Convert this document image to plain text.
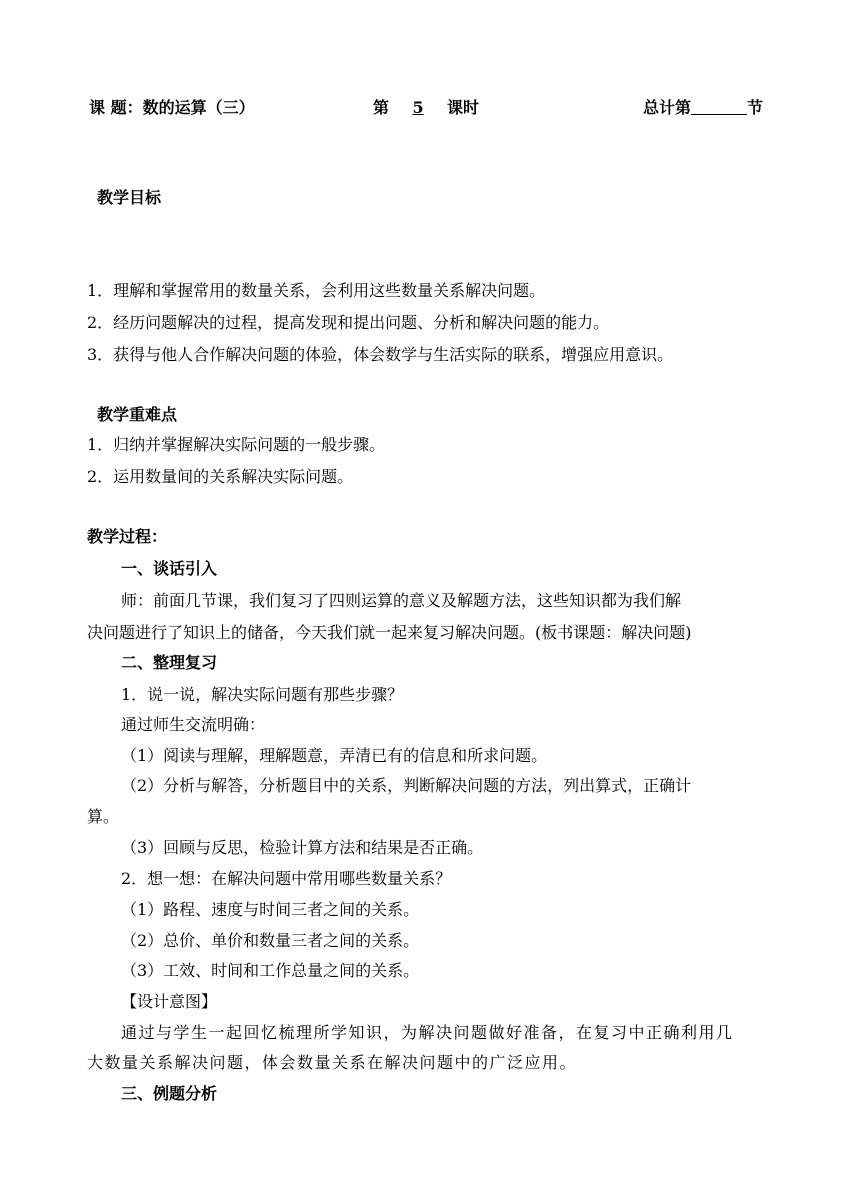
课 题：数的运算（三）	第 5 课时	总计第	节
教学目标
1．理解和掌握常用的数量关系，会利用这些数量关系解决问题。
2．经历问题解决的过程，提高发现和提出问题、分析和解决问题的能力。
3．获得与他人合作解决问题的体验，体会数学与生活实际的联系，增强应用意识。
教学重难点
1．归纳并掌握解决实际问题的一般步骤。
2．运用数量间的关系解决实际问题。
教学过程：
一、谈话引入
师：前面几节课，我们复习了四则运算的意义及解题方法，这些知识都为我们解
决问题进行了知识上的储备，今天我们就一起来复习解决问题。(板书课题：解决问题)
二、整理复习
1．说一说，解决实际问题有那些步骤？
通过师生交流明确：
（1）阅读与理解，理解题意，弄清已有的信息和所求问题。
（2）分析与解答，分析题目中的关系，判断解决问题的方法，列出算式，正确计
算。
（3）回顾与反思，检验计算方法和结果是否正确。
2．想一想：在解决问题中常用哪些数量关系？
（1）路程、速度与时间三者之间的关系。
（2）总价、单价和数量三者之间的关系。
（3）工效、时间和工作总量之间的关系。
【设计意图】
通过与学生一起回忆梳理所学知识，为解决问题做好准备，在复习中正确利用几
大数量关系解决问题，体会数量关系在解决问题中的广泛应用。
三、例题分析
